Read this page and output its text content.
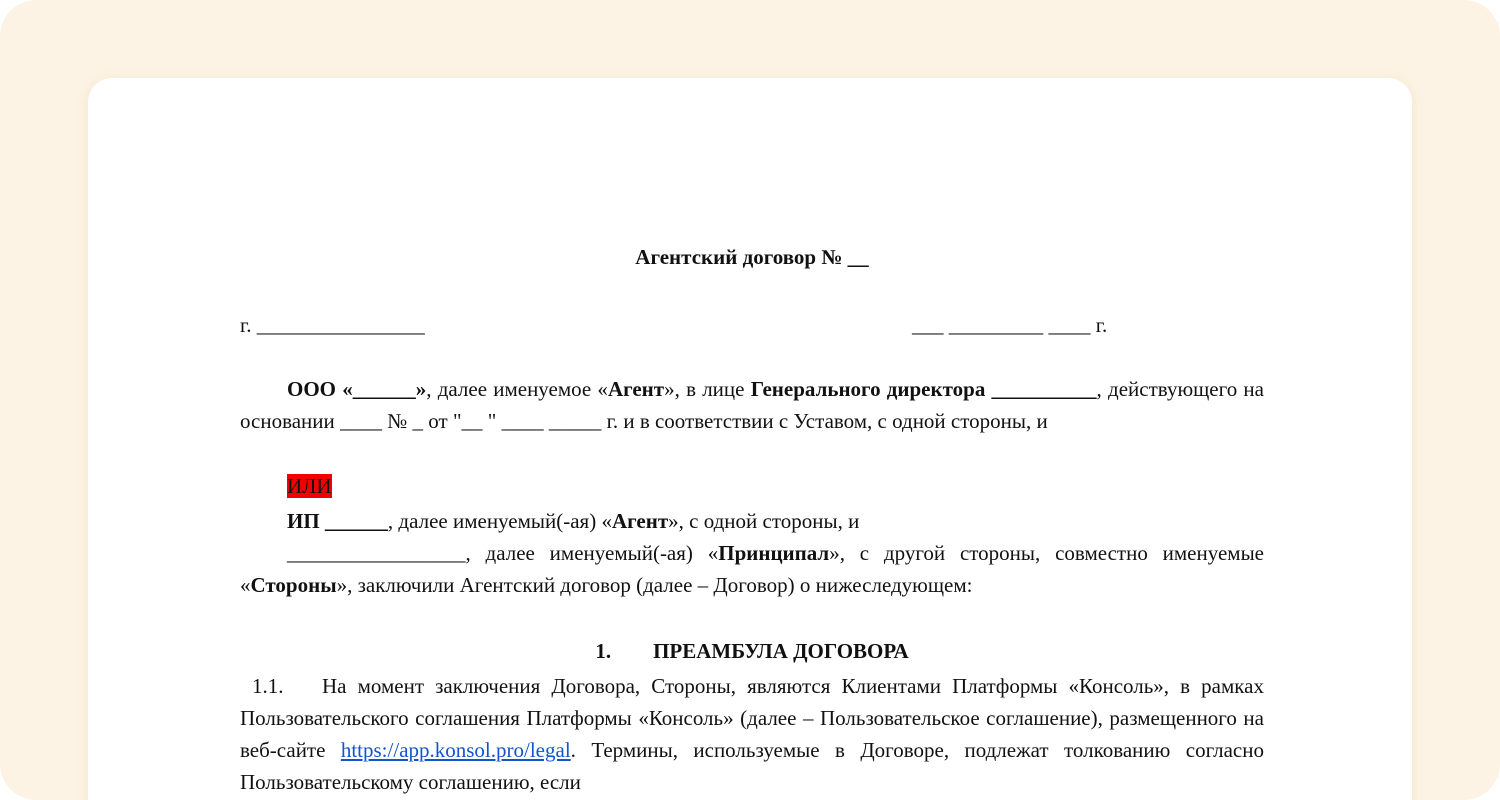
Агентский договор № __
г. ________________	___ _________ ____ г.
ООО «______», далее именуемое «Агент», в лице Генерального директора __________, действующего на основании ____ № _ от "__ " ____ _____ г. и в соответствии с Уставом, с одной стороны, и
ИЛИ
ИП ______, далее именуемый(-ая) «Агент», с одной стороны, и
_________________, далее именуемый(-ая) «Принципал», с другой стороны, совместно именуемые «Стороны», заключили Агентский договор (далее – Договор) о нижеследующем:
1. ПРЕАМБУЛА ДОГОВОРА
1.1. На момент заключения Договора, Стороны, являются Клиентами Платформы «Консоль», в рамках Пользовательского соглашения Платформы «Консоль» (далее – Пользовательское соглашение), размещенного на веб-сайте https://app.konsol.pro/legal. Термины, используемые в Договоре, подлежат толкованию согласно Пользовательскому соглашению, если
